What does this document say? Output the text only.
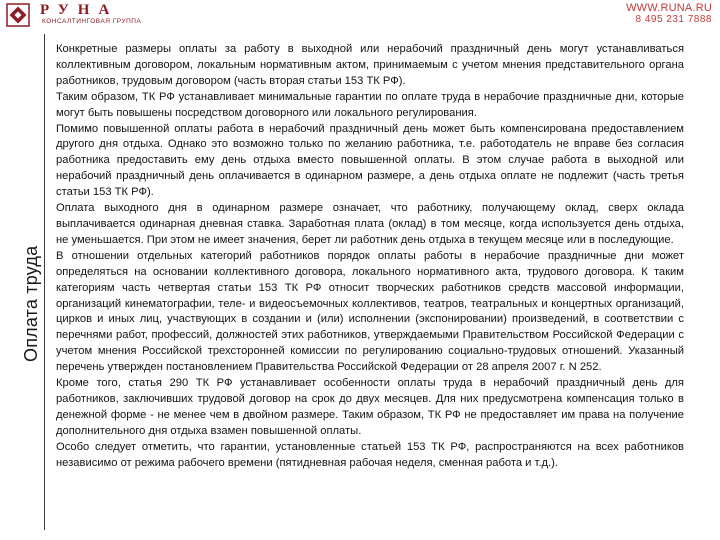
РУНА
КОНСАЛТИНГОВАЯ ГРУППА
WWW.RUNA.RU
8 495 231 7888
Оплата труда

Конкретные размеры оплаты за работу в выходной или нерабочий праздничный день могут устанавливаться коллективным договором, локальным нормативным актом, принимаемым с учетом мнения представительного органа работников, трудовым договором (часть вторая статьи 153 ТК РФ).

Таким образом, ТК РФ устанавливает минимальные гарантии по оплате труда в нерабочие праздничные дни, которые могут быть повышены посредством договорного или локального регулирования.

Помимо повышенной оплаты работа в нерабочий праздничный день может быть компенсирована предоставлением другого дня отдыха. Однако это возможно только по желанию работника, т.е. работодатель не вправе без согласия работника предоставить ему день отдыха вместо повышенной оплаты. В этом случае работа в выходной или нерабочий праздничный день оплачивается в одинарном размере, а день отдыха оплате не подлежит (часть третья статьи 153 ТК РФ).

Оплата выходного дня в одинарном размере означает, что работнику, получающему оклад, сверх оклада выплачивается одинарная дневная ставка. Заработная плата (оклад) в том месяце, когда используется день отдыха, не уменьшается. При этом не имеет значения, берет ли работник день отдыха в текущем месяце или в последующие.

В отношении отдельных категорий работников порядок оплаты работы в нерабочие праздничные дни может определяться на основании коллективного договора, локального нормативного акта, трудового договора. К таким категориям часть четвертая статьи 153 ТК РФ относит творческих работников средств массовой информации, организаций кинематографии, теле- и видеосъемочных коллективов, театров, театральных и концертных организаций, цирков и иных лиц, участвующих в создании и (или) исполнении (экспонировании) произведений, в соответствии с перечнями работ, профессий, должностей этих работников, утверждаемыми Правительством Российской Федерации с учетом мнения Российской трехсторонней комиссии по регулированию социально-трудовых отношений. Указанный перечень утвержден постановлением Правительства Российской Федерации от 28 апреля 2007 г. N 252.

Кроме того, статья 290 ТК РФ устанавливает особенности оплаты труда в нерабочий праздничный день для работников, заключивших трудовой договор на срок до двух месяцев. Для них предусмотрена компенсация только в денежной форме - не менее чем в двойном размере. Таким образом, ТК РФ не предоставляет им права на получение дополнительного дня отдыха взамен повышенной оплаты.

Особо следует отметить, что гарантии, установленные статьей 153 ТК РФ, распространяются на всех работников независимо от режима рабочего времени (пятидневная рабочая неделя, сменная работа и т.д.).
